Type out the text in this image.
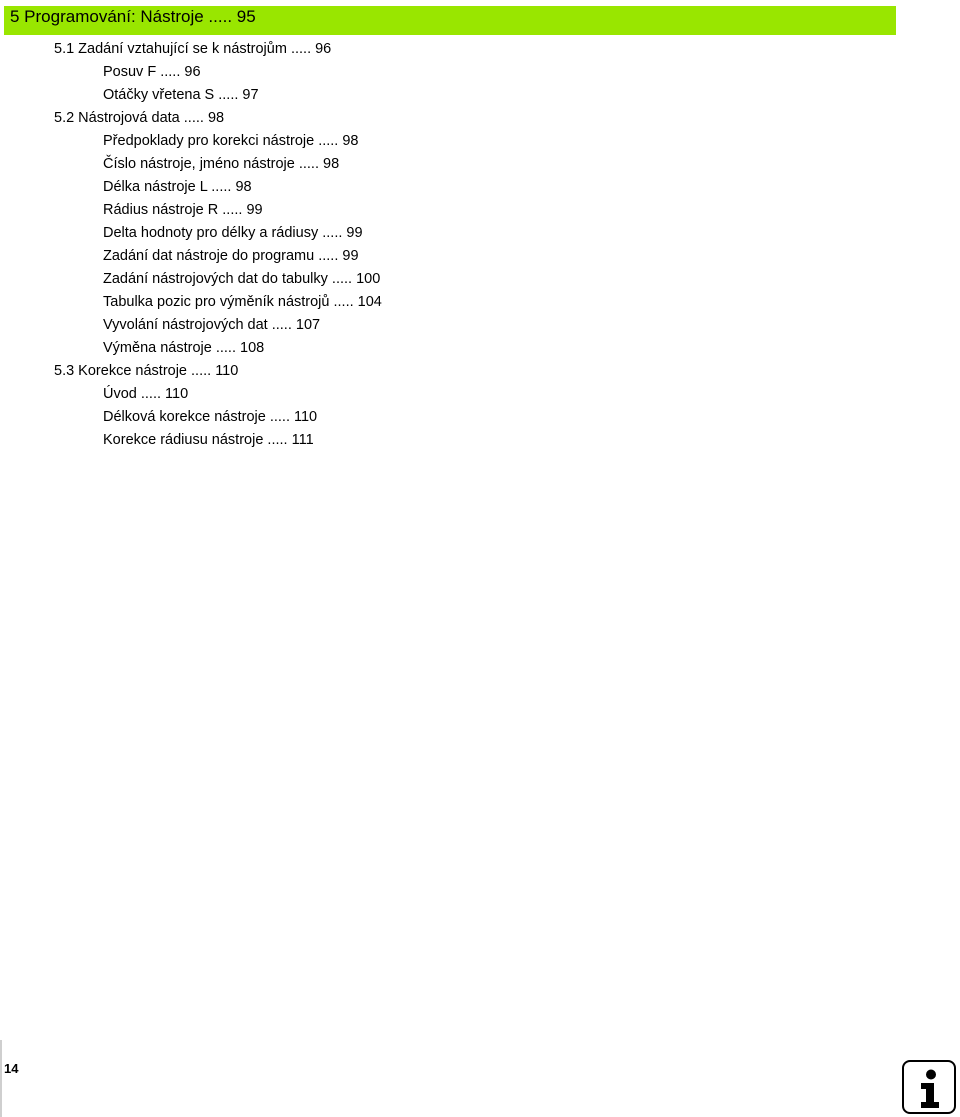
5 Programování: Nástroje ..... 95
5.1 Zadání vztahující se k nástrojům ..... 96
Posuv F ..... 96
Otáčky vřetena S ..... 97
5.2 Nástrojová data ..... 98
Předpoklady pro korekci nástroje ..... 98
Číslo nástroje, jméno nástroje ..... 98
Délka nástroje L ..... 98
Rádius nástroje R ..... 99
Delta hodnoty pro délky a rádiusy ..... 99
Zadání dat nástroje do programu ..... 99
Zadání nástrojových dat do tabulky ..... 100
Tabulka pozic pro výměník nástrojů ..... 104
Vyvolání nástrojových dat ..... 107
Výměna nástroje ..... 108
5.3 Korekce nástroje ..... 110
Úvod ..... 110
Délková korekce nástroje ..... 110
Korekce rádiusu nástroje ..... 111
14
